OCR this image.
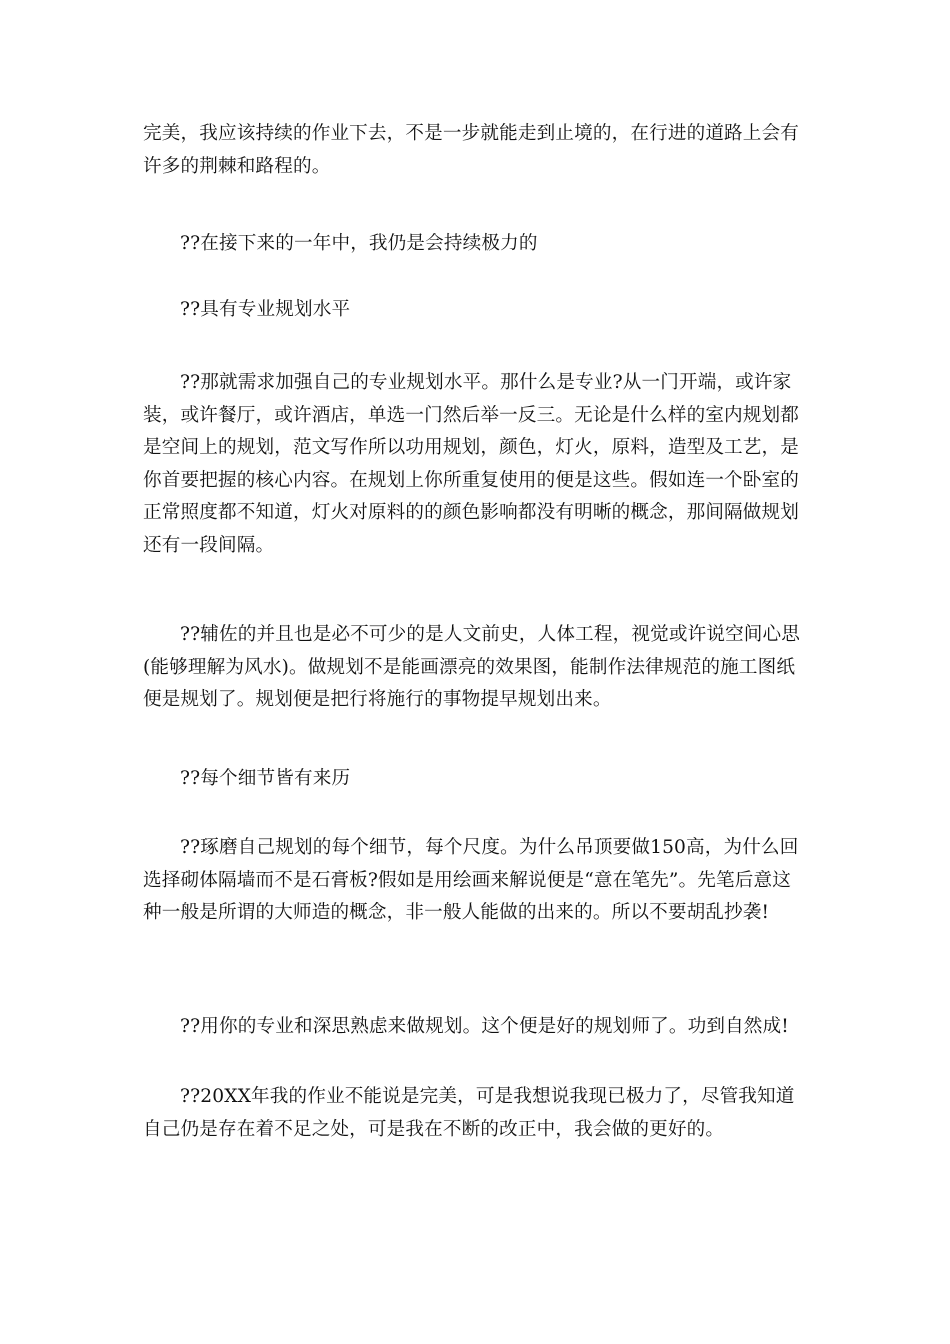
完美，我应该持续的作业下去，不是一步就能走到止境的，在行进的道路上会有许多的荆棘和路程的。

??在接下来的一年中，我仍是会持续极力的

??具有专业规划水平

??那就需求加强自己的专业规划水平。那什么是专业?从一门开端，或许家装，或许餐厅，或许酒店，单选一门然后举一反三。无论是什么样的室内规划都是空间上的规划，范文写作所以功用规划，颜色，灯火，原料，造型及工艺，是你首要把握的核心内容。在规划上你所重复使用的便是这些。假如连一个卧室的正常照度都不知道，灯火对原料的的颜色影响都没有明晰的概念，那间隔做规划还有一段间隔。

??辅佐的并且也是必不可少的是人文前史，人体工程，视觉或许说空间心思(能够理解为风水)。做规划不是能画漂亮的效果图，能制作法律规范的施工图纸便是规划了。规划便是把行将施行的事物提早规划出来。

??每个细节皆有来历

??琢磨自己规划的每个细节，每个尺度。为什么吊顶要做150高，为什么回选择砌体隔墙而不是石膏板?假如是用绘画来解说便是“意在笔先”。先笔后意这种一般是所谓的大师造的概念，非一般人能做的出来的。所以不要胡乱抄袭!

??用你的专业和深思熟虑来做规划。这个便是好的规划师了。功到自然成!

??20XX年我的作业不能说是完美，可是我想说我现已极力了，尽管我知道自己仍是存在着不足之处，可是我在不断的改正中，我会做的更好的。
